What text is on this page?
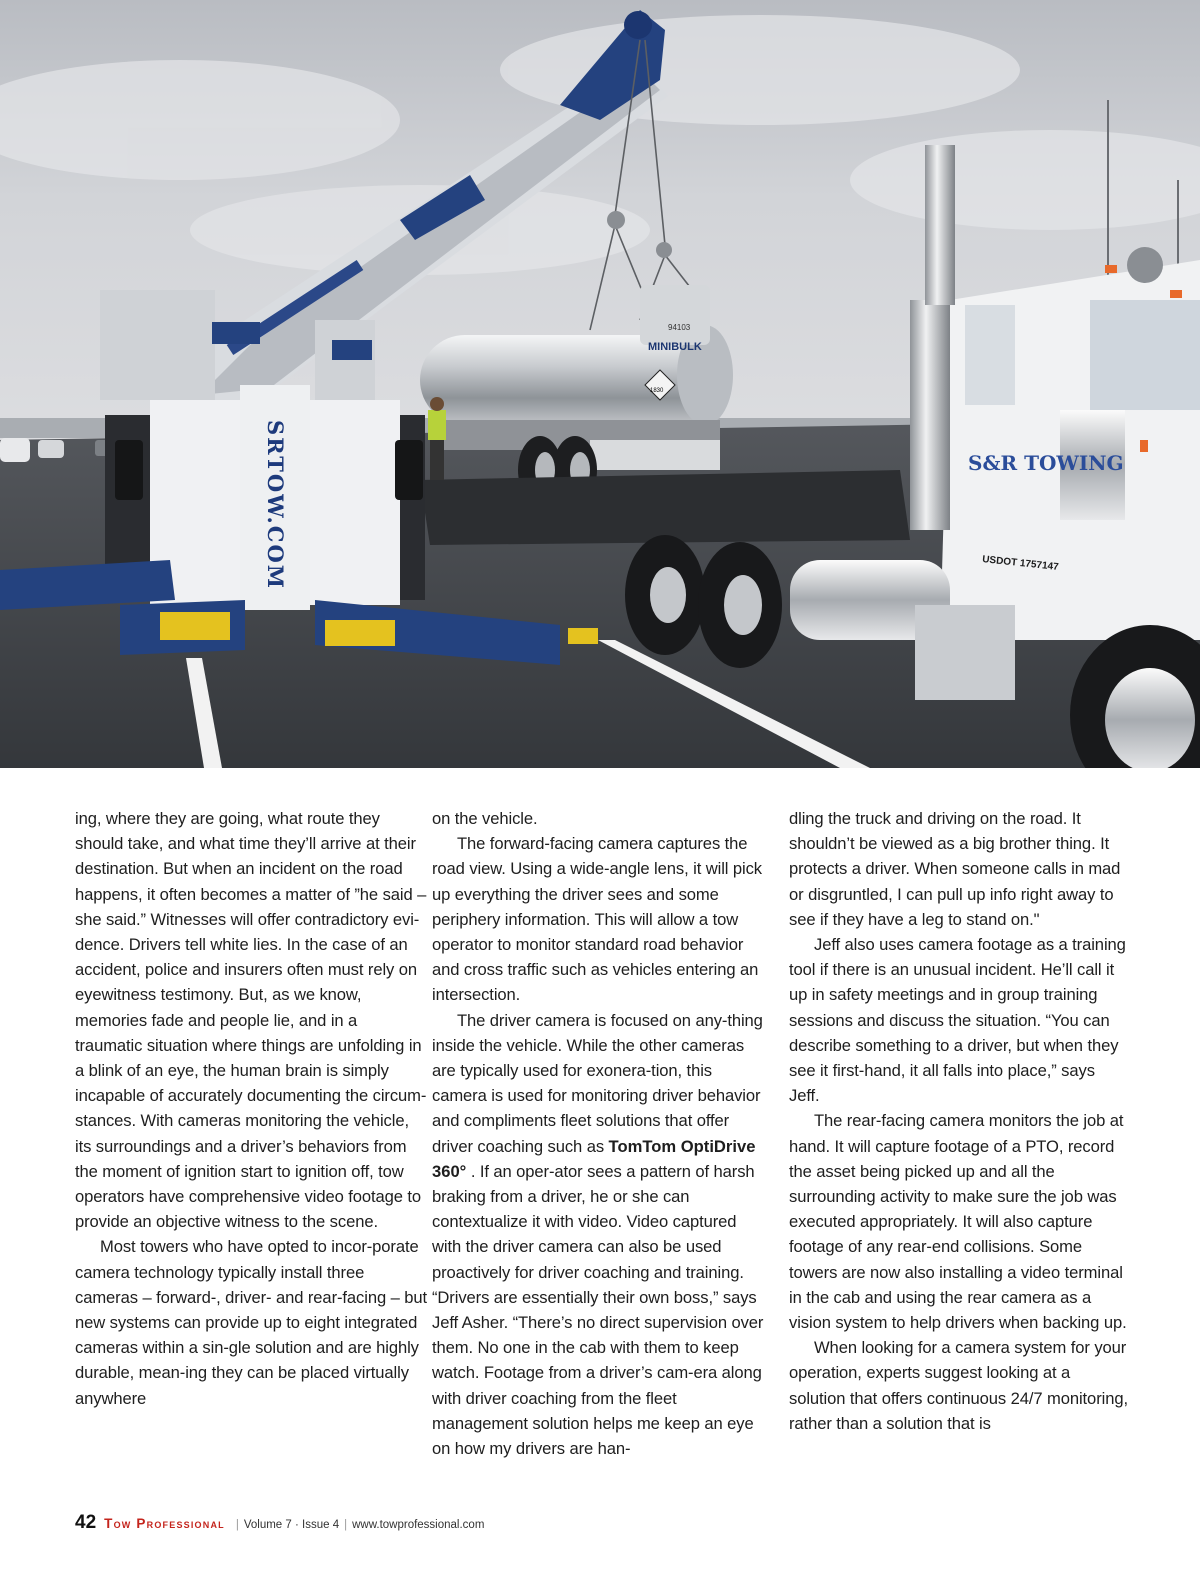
94103
MINIBULK
1830
SRTOW.COM	S&R TOWING
USDOT 1757147

ing, where they are going, what route they should take, and what time they’ll arrive at their destination. But when an incident on the road happens, it often becomes a matter of ”he said – she said.” Witnesses will offer contradictory evi-dence. Drivers tell white lies. In the case of an accident, police and insurers often must rely on eyewitness testimony. But, as we know, memories fade and people lie, and in a traumatic situation where things are unfolding in a blink of an eye, the human brain is simply incapable of accurately documenting the circum-stances. With cameras monitoring the vehicle, its surroundings and a driver’s behaviors from the moment of ignition start to ignition off, tow operators have comprehensive video footage to provide an objective witness to the scene.

Most towers who have opted to incor-porate camera technology typically install three cameras – forward-, driver- and rear-facing – but new systems can provide up to eight integrated cameras within a sin-gle solution and are highly durable, mean-ing they can be placed virtually anywhere

on the vehicle.

The forward-facing camera captures the road view. Using a wide-angle lens, it will pick up everything the driver sees and some periphery information. This will allow a tow operator to monitor standard road behavior and cross traffic such as vehicles entering an intersection.

The driver camera is focused on any-thing inside the vehicle. While the other cameras are typically used for exonera-tion, this camera is used for monitoring driver behavior and compliments fleet solutions that offer driver coaching such as TomTom OptiDrive 360° . If an oper-ator sees a pattern of harsh braking from a driver, he or she can contextualize it with video. Video captured with the driver camera can also be used proactively for driver coaching and training. “Drivers are essentially their own boss,” says Jeff Asher. “There’s no direct supervision over them. No one in the cab with them to keep watch. Footage from a driver’s cam-era along with driver coaching from the fleet management solution helps me keep an eye on how my drivers are han-

dling the truck and driving on the road. It shouldn’t be viewed as a big brother thing. It protects a driver. When someone calls in mad or disgruntled, I can pull up info right away to see if they have a leg to stand on."

Jeff also uses camera footage as a training tool if there is an unusual incident. He’ll call it up in safety meetings and in group training sessions and discuss the situation. “You can describe something to a driver, but when they see it first-hand, it all falls into place,” says Jeff.

The rear-facing camera monitors the job at hand. It will capture footage of a PTO, record the asset being picked up and all the surrounding activity to make sure the job was executed appropriately. It will also capture footage of any rear-end collisions. Some towers are now also installing a video terminal in the cab and using the rear camera as a vision system to help drivers when backing up.

When looking for a camera system for your operation, experts suggest looking at a solution that offers continuous 24/7 monitoring, rather than a solution that is

42 Tow Professional | Volume 7 · Issue 4 | www.towprofessional.com
